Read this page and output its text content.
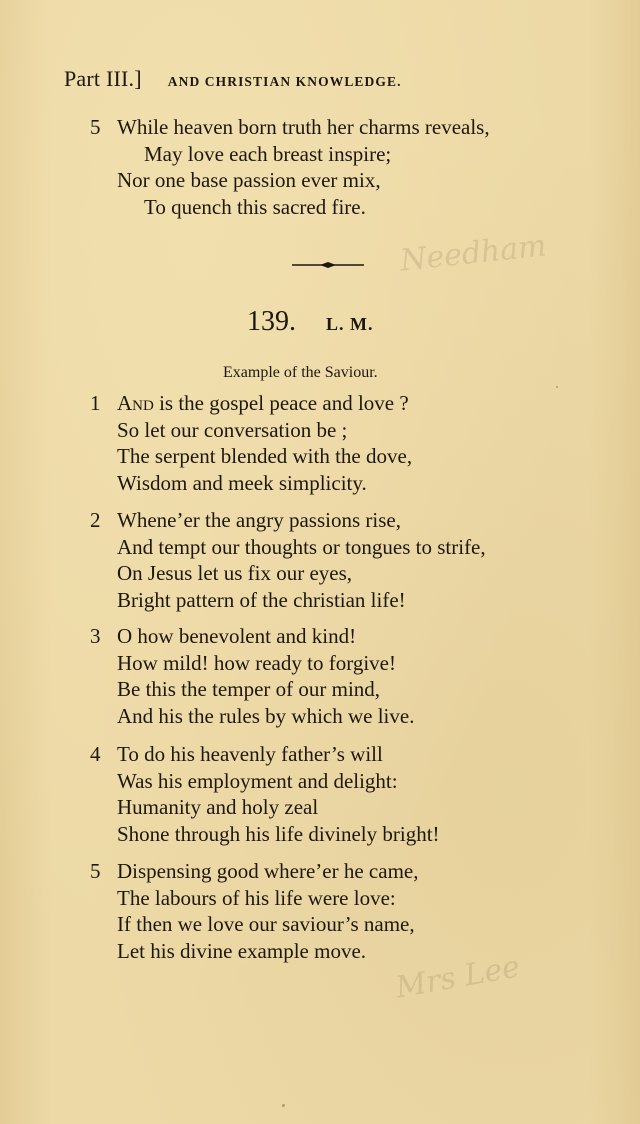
Needham
Mrs Lee
Part III.] AND CHRISTIAN KNOWLEDGE.
5 While heaven born truth her charms reveals,
May love each breast inspire;
Nor one base passion ever mix,
To quench this sacred fire.
139. L. M.
Example of the Saviour.
1 And is the gospel peace and love ?
So let our conversation be ;
The serpent blended with the dove,
Wisdom and meek simplicity.
2 Whene’er the angry passions rise,
And tempt our thoughts or tongues to strife,
On Jesus let us fix our eyes,
Bright pattern of the christian life!
3 O how benevolent and kind!
How mild! how ready to forgive!
Be this the temper of our mind,
And his the rules by which we live.
4 To do his heavenly father’s will
Was his employment and delight:
Humanity and holy zeal
Shone through his life divinely bright!
5 Dispensing good where’er he came,
The labours of his life were love:
If then we love our saviour’s name,
Let his divine example move.
